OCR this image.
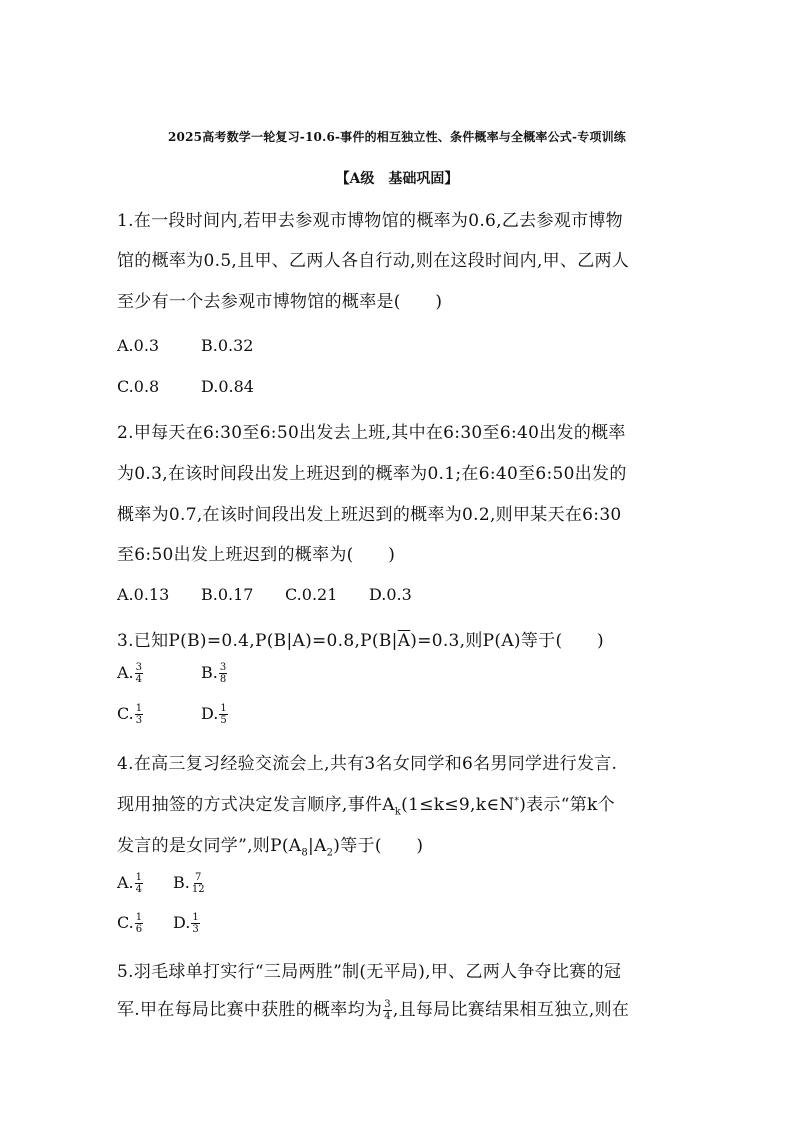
2025高考数学一轮复习-10.6-事件的相互独立性、条件概率与全概率公式-专项训练
【A级　基础巩固】
1.在一段时间内,若甲去参观市博物馆的概率为0.6,乙去参观市博物
馆的概率为0.5,且甲、乙两人各自行动,则在这段时间内,甲、乙两人
至少有一个去参观市博物馆的概率是(　　)
A.0.3	B.0.32
C.0.8	D.0.84
2.甲每天在6:30至6:50出发去上班,其中在6:30至6:40出发的概率
为0.3,在该时间段出发上班迟到的概率为0.1;在6:40至6:50出发的
概率为0.7,在该时间段出发上班迟到的概率为0.2,则甲某天在6:30
至6:50出发上班迟到的概率为(　　)
A.0.13 B.0.17 C.0.21 D.0.3
3.已知$P(B)=0.4,P(B|A)=0.8,P(B|\overline{A})=0.3$,则P(A)等于(　　)
A. $\frac{3}{4}$	B. $\frac{3}{8}$
C. $\frac{1}{3}$	D. $\frac{1}{5}$
4.在高三复习经验交流会上,共有3名女同学和6名男同学进行发言.
现用抽签的方式决定发言顺序,事件$A_k(1\le k\le 9,k\in N^*)$表示“第k个
发言的是女同学”,则$P(A_8|A_2)$等于(　　)
A. $\frac{1}{4} B$. $\frac{7}{12}$
C. $\frac{1}{6} D$. $\frac{1}{3}$
5.羽毛球单打实行“三局两胜”制(无平局),甲、乙两人争夺比赛的冠
军.甲在每局比赛中获胜的概率均为 $\frac{3}{4}$ ,且每局比赛结果相互独立,则在
